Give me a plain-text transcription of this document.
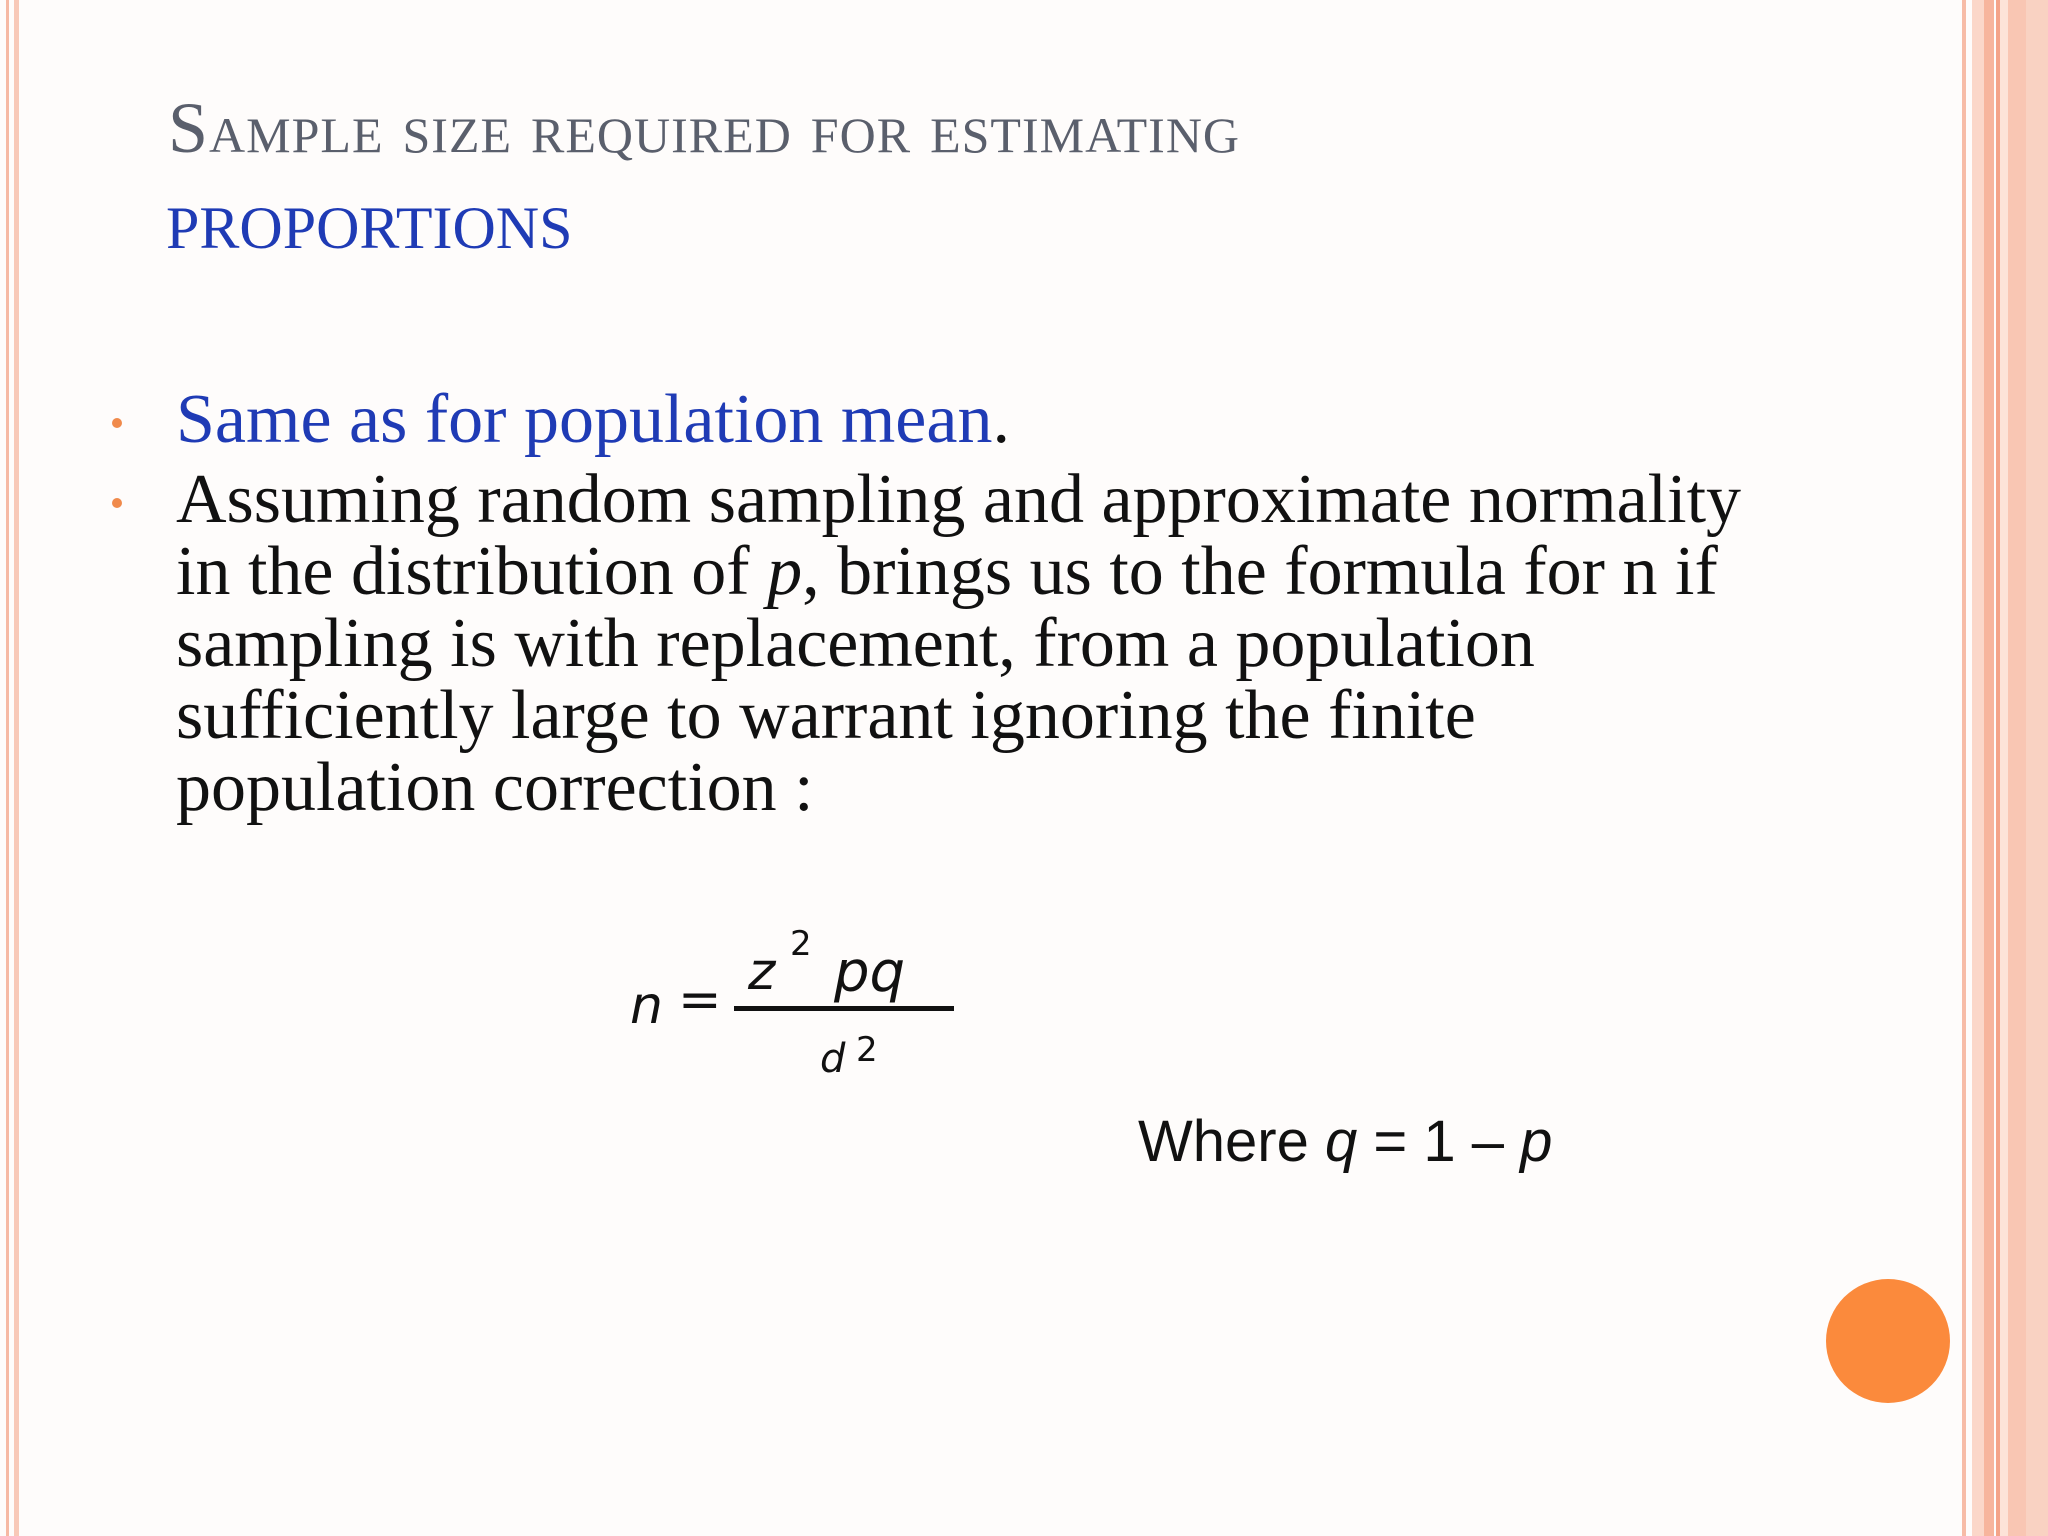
Sample size required for estimating
PROPORTIONS
Same as for population mean.
Assuming random sampling and approximate normality
in the distribution of p, brings us to the formula for n if
sampling is with replacement, from a population
sufficiently large to warrant ignoring the finite
population correction :
n = z 2 pq
d 2
Where q = 1 – p
